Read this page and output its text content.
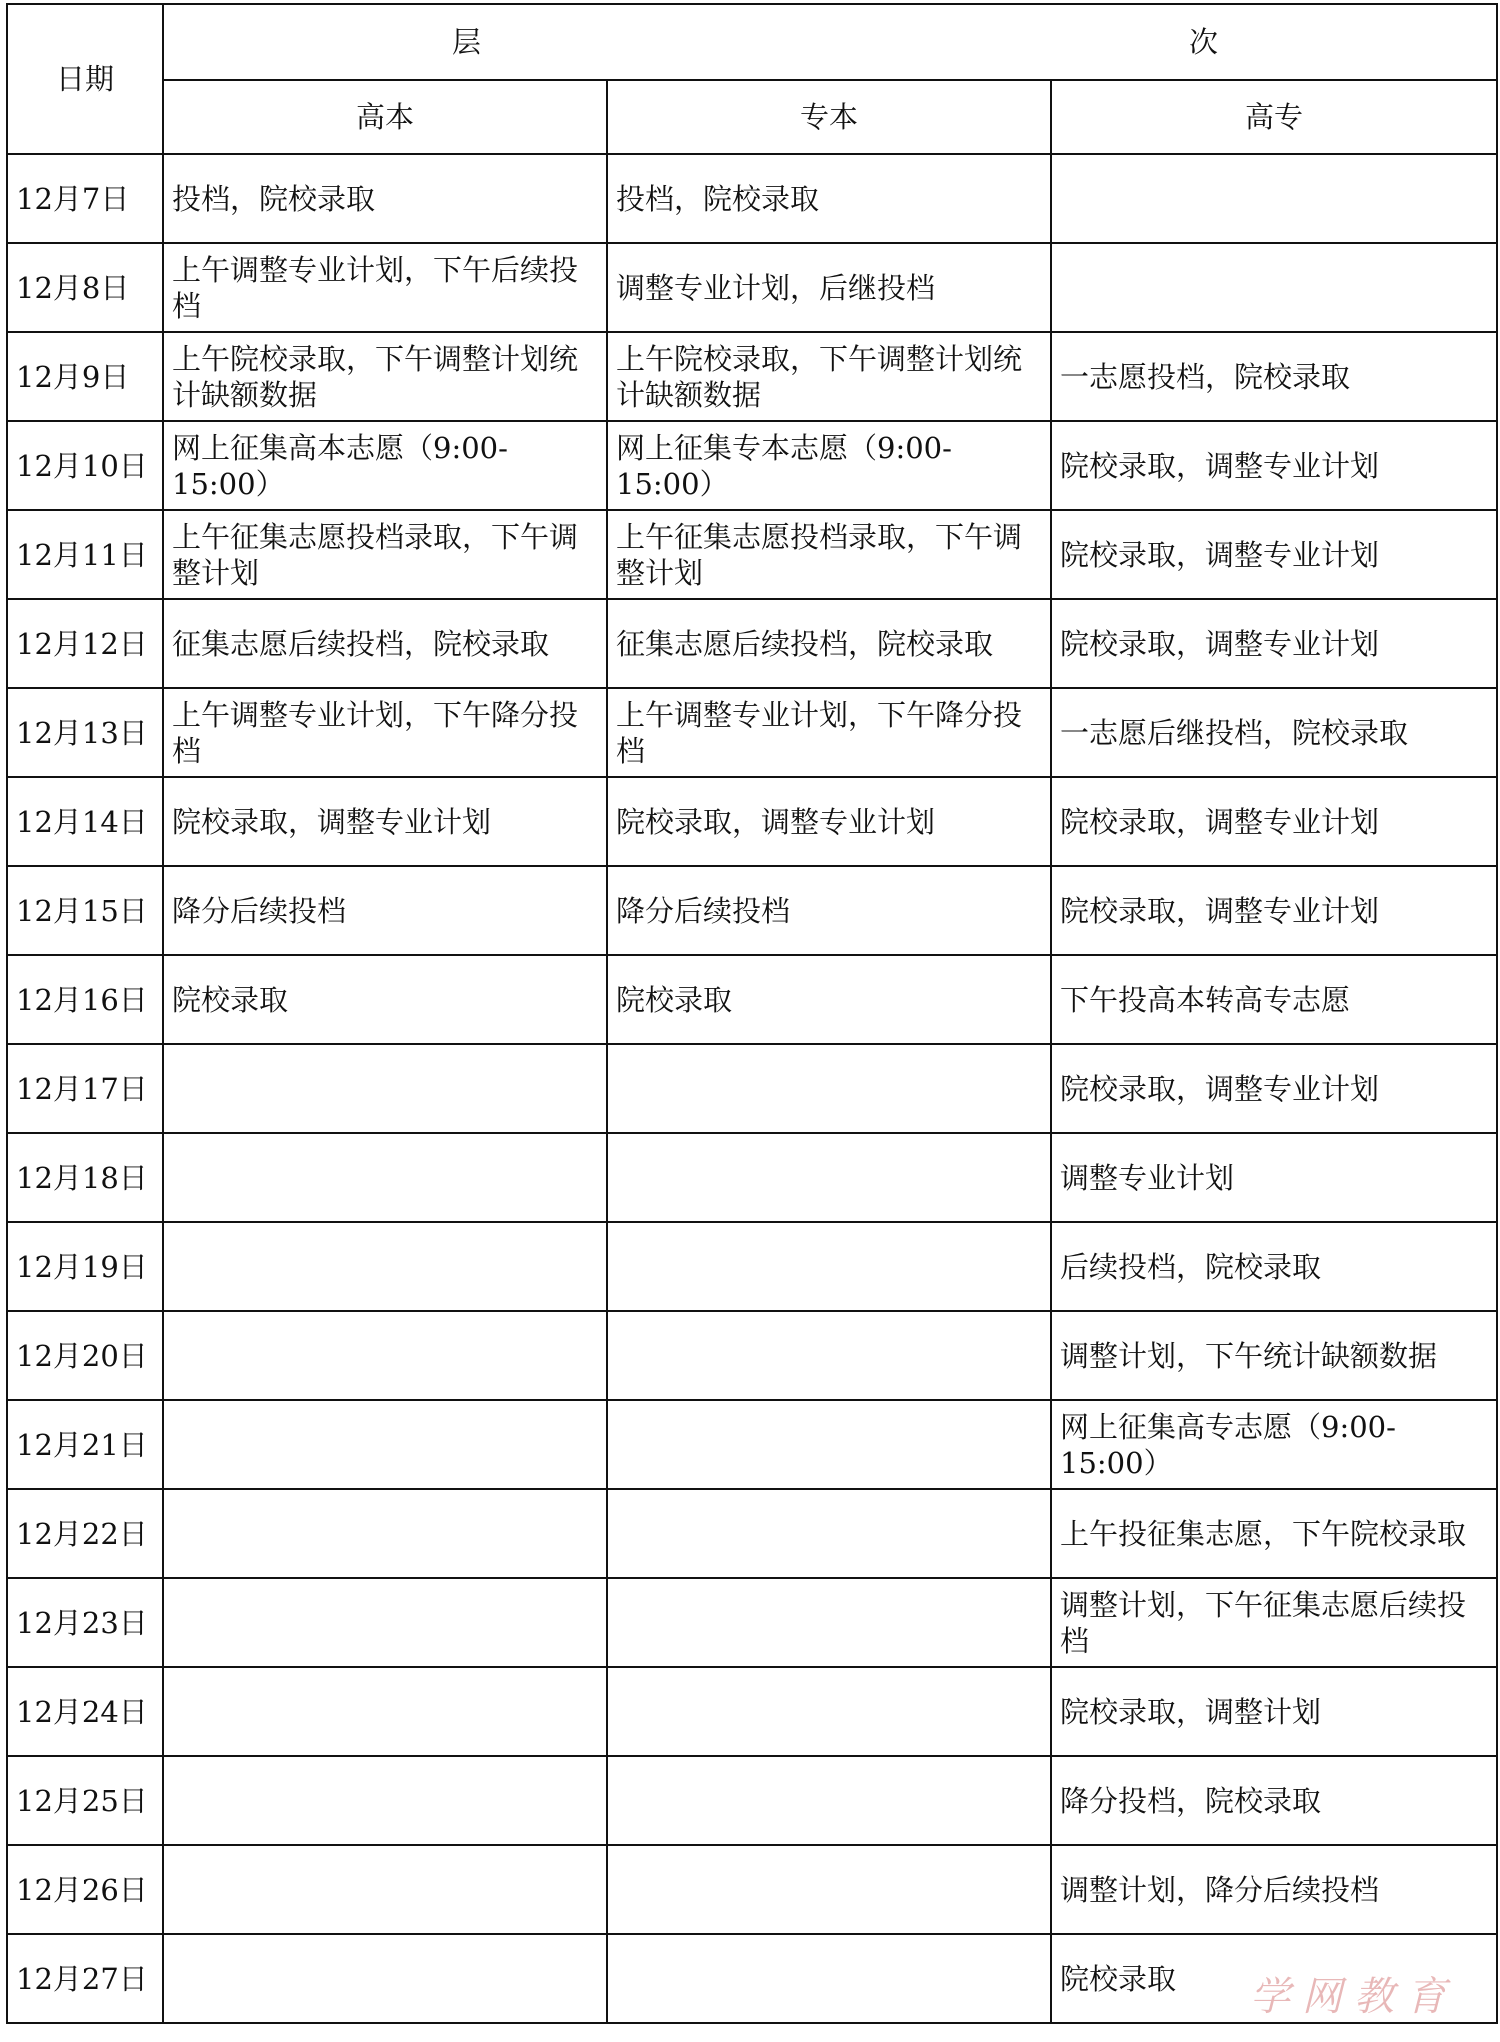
日期	层 次		

	高本	专本	高专
12月7日	投档，院校录取	投档，院校录取	
12月8日	上午调整专业计划，下午后续投档	调整专业计划，后继投档	
12月9日	上午院校录取，下午调整计划统计缺额数据	上午院校录取，下午调整计划统计缺额数据	一志愿投档，院校录取
12月10日	网上征集高本志愿（9:00-15:00）	网上征集专本志愿（9:00-15:00）	院校录取，调整专业计划
12月11日	上午征集志愿投档录取，下午调整计划	上午征集志愿投档录取，下午调整计划	院校录取，调整专业计划
12月12日	征集志愿后续投档，院校录取	征集志愿后续投档，院校录取	院校录取，调整专业计划
12月13日	上午调整专业计划，下午降分投档	上午调整专业计划，下午降分投档	一志愿后继投档，院校录取
12月14日	院校录取，调整专业计划	院校录取，调整专业计划	院校录取，调整专业计划
12月15日	降分后续投档	降分后续投档	院校录取，调整专业计划
12月16日	院校录取	院校录取	下午投高本转高专志愿
12月17日			院校录取，调整专业计划
12月18日			调整专业计划
12月19日			后续投档，院校录取
12月20日			调整计划，下午统计缺额数据
12月21日			网上征集高专志愿（9:00-15:00）
12月22日			上午投征集志愿，下午院校录取
12月23日			调整计划，下午征集志愿后续投档
12月24日			院校录取，调整计划
12月25日			降分投档，院校录取
12月26日			调整计划，降分后续投档
12月27日			院校录取 学网教育
